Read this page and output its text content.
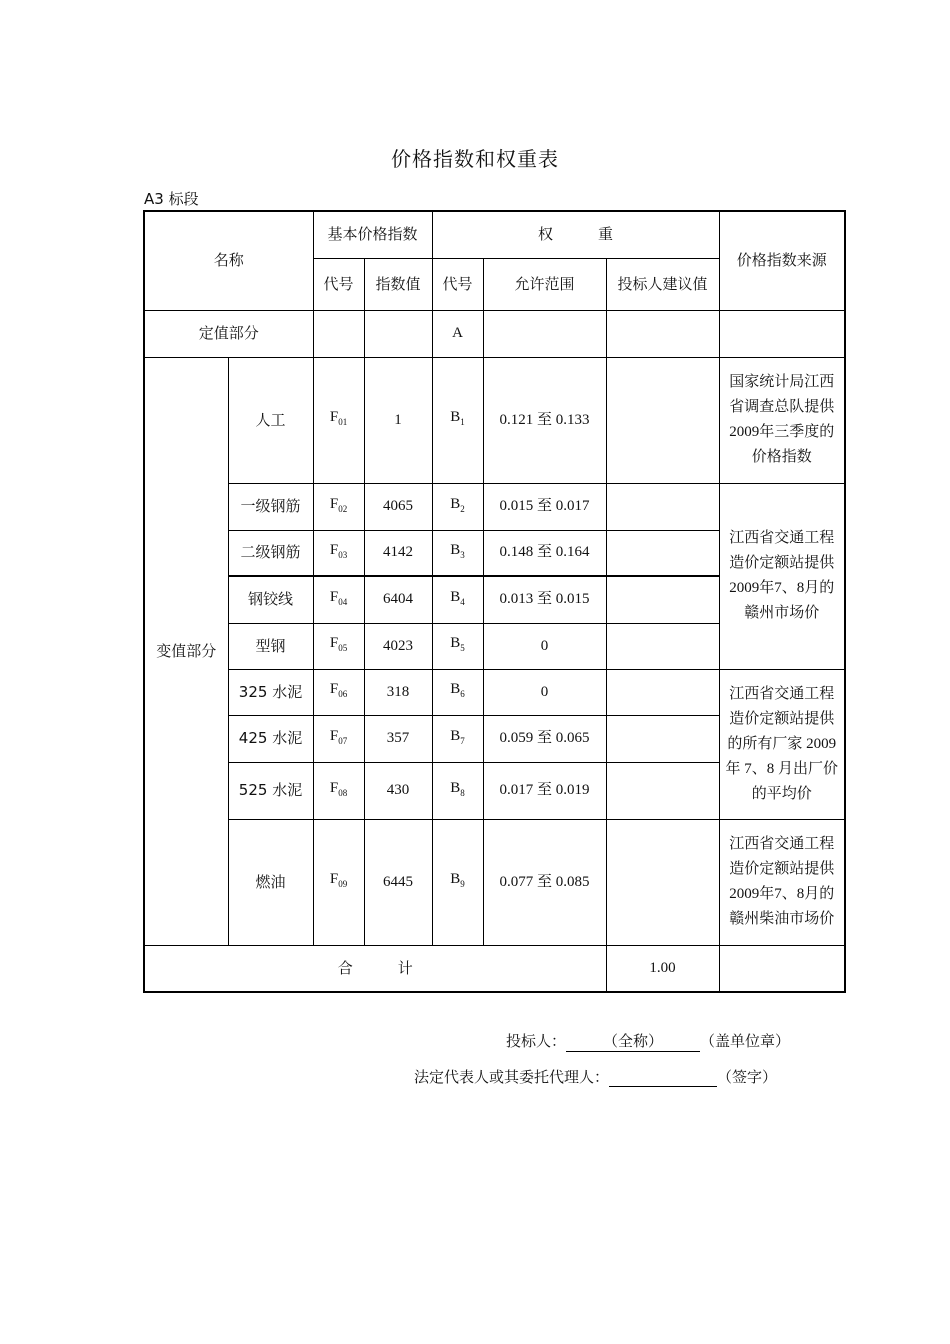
价格指数和权重表
A3 标段
名称		基本价格指数		权　　　重			价格指数来源
		代号	指数值	代号	允许范围	投标人建议值	
定值部分				A			
变值部分	人工	$F_{01}$	1	$B_1$	0.121 至 0.133		国家统计局江西省调查总队提供2009年三季度的价格指数
	一级钢筋	$F_{02}$	4065	$B_2$	0.015 至 0.017		江西省交通工程造价定额站提供2009年7、8月的赣州市场价
	二级钢筋	$F_{03}$	4142	$B_3$	0.148 至 0.164		
	钢铰线	$F_{04}$	6404	$B_4$	0.013 至 0.015		
	型钢	$F_{05}$	4023	$B_5$	0		
	325 水泥	$F_{06}$	318	$B_6$	0		江西省交通工程造价定额站提供的所有厂家 2009 年 7、8 月出厂价的平均价
	425 水泥	$F_{07}$	357	$B_7$	0.059 至 0.065		
	525 水泥	$F_{08}$	430	$B_8$	0.017 至 0.019		
	燃油	$F_{09}$	6445	$B_9$	0.077 至 0.085		江西省交通工程造价定额站提供2009年7、8月的赣州柴油市场价
合　　　计						1.00	
投标人： （全称） （盖单位章）
法定代表人或其委托代理人：	（签字）
